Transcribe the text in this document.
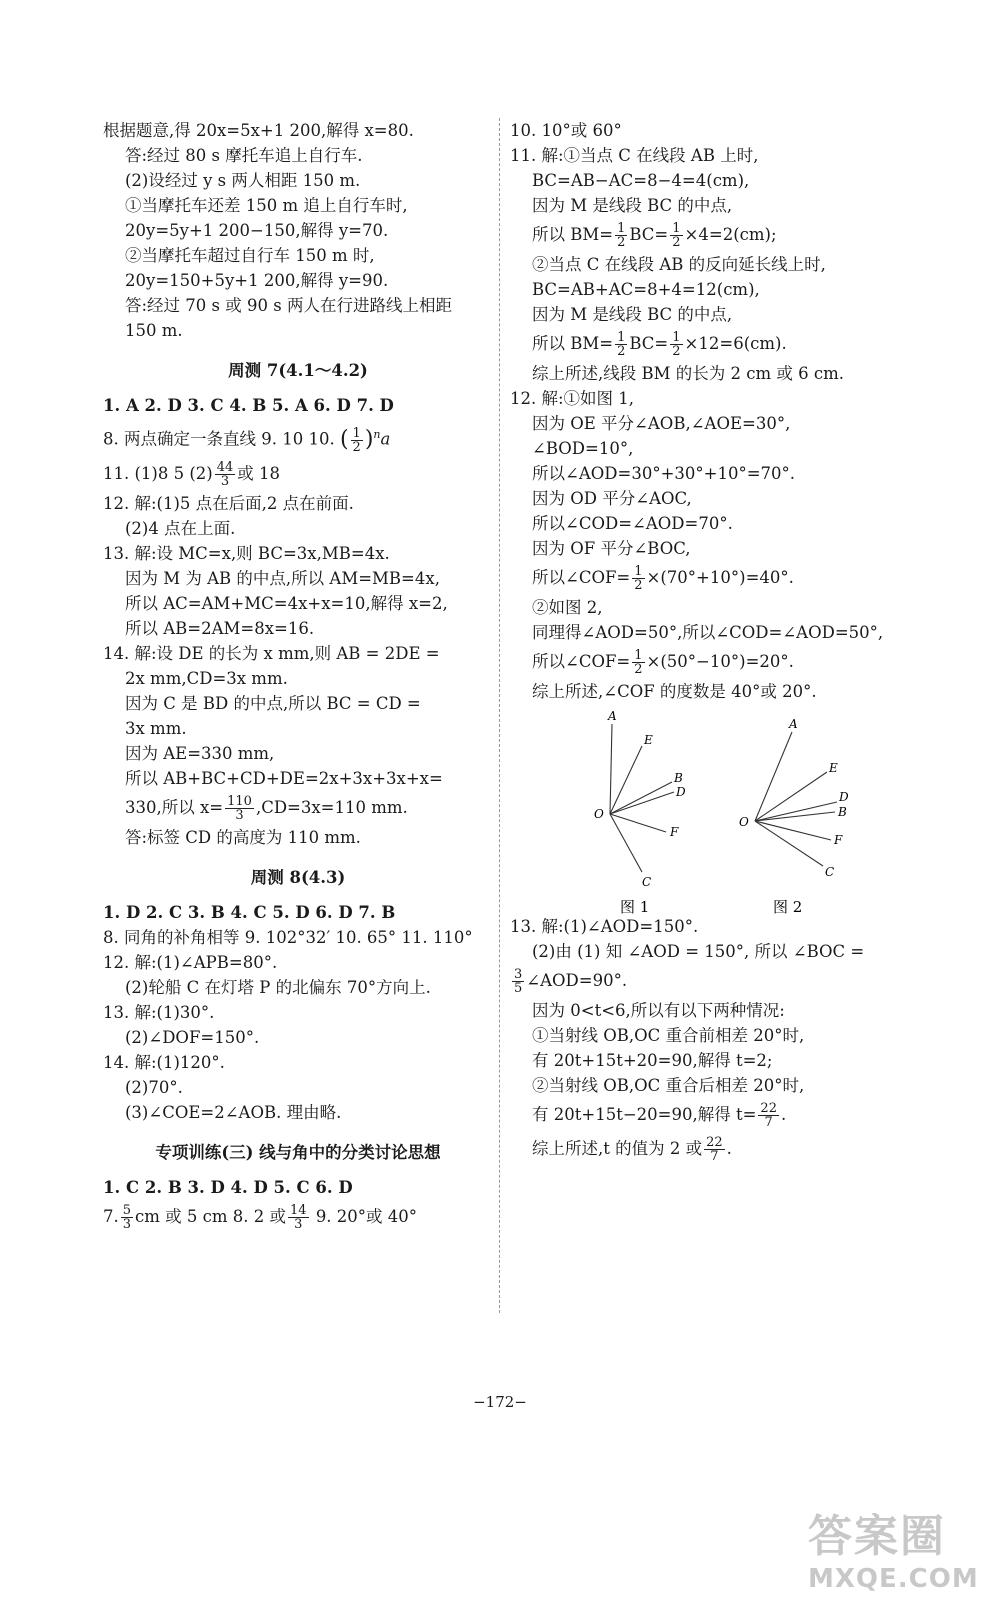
根据题意,得 20x=5x+1 200,解得 x=80.
答:经过 80 s 摩托车追上自行车.
(2)设经过 y s 两人相距 150 m.
①当摩托车还差 150 m 追上自行车时,
20y=5y+1 200−150,解得 y=70.
②当摩托车超过自行车 150 m 时,
20y=150+5y+1 200,解得 y=90.
答:经过 70 s 或 90 s 两人在行进路线上相距
150 m.
周测 7(4.1～4.2)
1. A 2. D 3. C 4. B 5. A 6. D 7. D
8. 两点确定一条直线 9. 10 10. ( $\frac{1}{2} )^na$
11. (1)8 5 $(2) \frac{44}{3}$ 或 18
12. 解:(1)5 点在后面,2 点在前面.
(2)4 点在上面.
13. 解:设 MC=x,则 BC=3x,MB=4x.
因为 M 为 AB 的中点,所以 AM=MB=4x,
所以 AC=AM+MC=4x+x=10,解得 x=2,
所以 AB=2AM=8x=16.
14. 解:设 DE 的长为 x mm,则 AB = 2DE =
2x mm,CD=3x mm.
因为 C 是 BD 的中点,所以 BC = CD =
3x mm.
因为 AE=330 mm,
所以 AB+BC+CD+DE=2x+3x+3x+x=
330,所以 $x= \frac{110}{3} ,CD=3x=110$ mm.
答:标签 CD 的高度为 110 mm.
周测 8(4.3)
1. D 2. C 3. B 4. C 5. D 6. D 7. B
8. 同角的补角相等 9. 102°32′ 10. 65° 11. 110°
12. 解:(1)∠APB=80°.
(2)轮船 C 在灯塔 P 的北偏东 70°方向上.
13. 解:(1)30°.
(2)∠DOF=150°.
14. 解:(1)120°.
(2)70°.
(3)∠COE=2∠AOB. 理由略.
专项训练(三) 线与角中的分类讨论思想
1. C 2. B 3. D 4. D 5. C 6. D
7. $\frac{5}{3}$ cm 或 5 cm 8. 2 或 $\frac{14}{3} 9$. 20°或 40°
10. 10°或 60°
11. 解:①当点 C 在线段 AB 上时,
BC=AB−AC=8−4=4(cm),
因为 M 是线段 BC 的中点,
所以 $BM= \frac{1}{2} BC= \frac{1}{2} \times 4=2(cm)$;
②当点 C 在线段 AB 的反向延长线上时,
BC=AB+AC=8+4=12(cm),
因为 M 是线段 BC 的中点,
所以 $BM= \frac{1}{2} BC= \frac{1}{2} \times 12=6(cm)$.
综上所述,线段 BM 的长为 2 cm 或 6 cm.
12. 解:①如图 1,
因为 OE 平分∠AOB,∠AOE=30°,
∠BOD=10°,
所以∠AOD=30°+30°+10°=70°.
因为 OD 平分∠AOC,
所以∠COD=∠AOD=70°.
因为 OF 平分∠BOC,
所以∠COF= $\frac{1}{2} \times(70^\circ+10^\circ)=40^\circ$.
②如图 2,
同理得∠AOD=50°,所以∠COD=∠AOD=50°,
所以∠COF= $\frac{1}{2} \times(50^\circ-10^\circ)=20^\circ$.
综上所述,∠COF 的度数是 40°或 20°.
A
E
B
D
O
F
C
图 1
A
E
D
B
O
F
C
图 2
13. 解:(1)∠AOD=150°.
(2)由 (1) 知 ∠AOD = 150°, 所以 ∠BOC =
$\frac{3}{5}$ ∠AOD=90°.
因为 0<t<6,所以有以下两种情况:
①当射线 OB,OC 重合前相差 20°时,
有 20t+15t+20=90,解得 t=2;
②当射线 OB,OC 重合后相差 20°时,
有 20t+15t−20=90,解得 $t= \frac{22}{7}$ .
综上所述,t 的值为 2 或 $\frac{22}{7}$ .
−172−
答案圈
MXQE.COM
